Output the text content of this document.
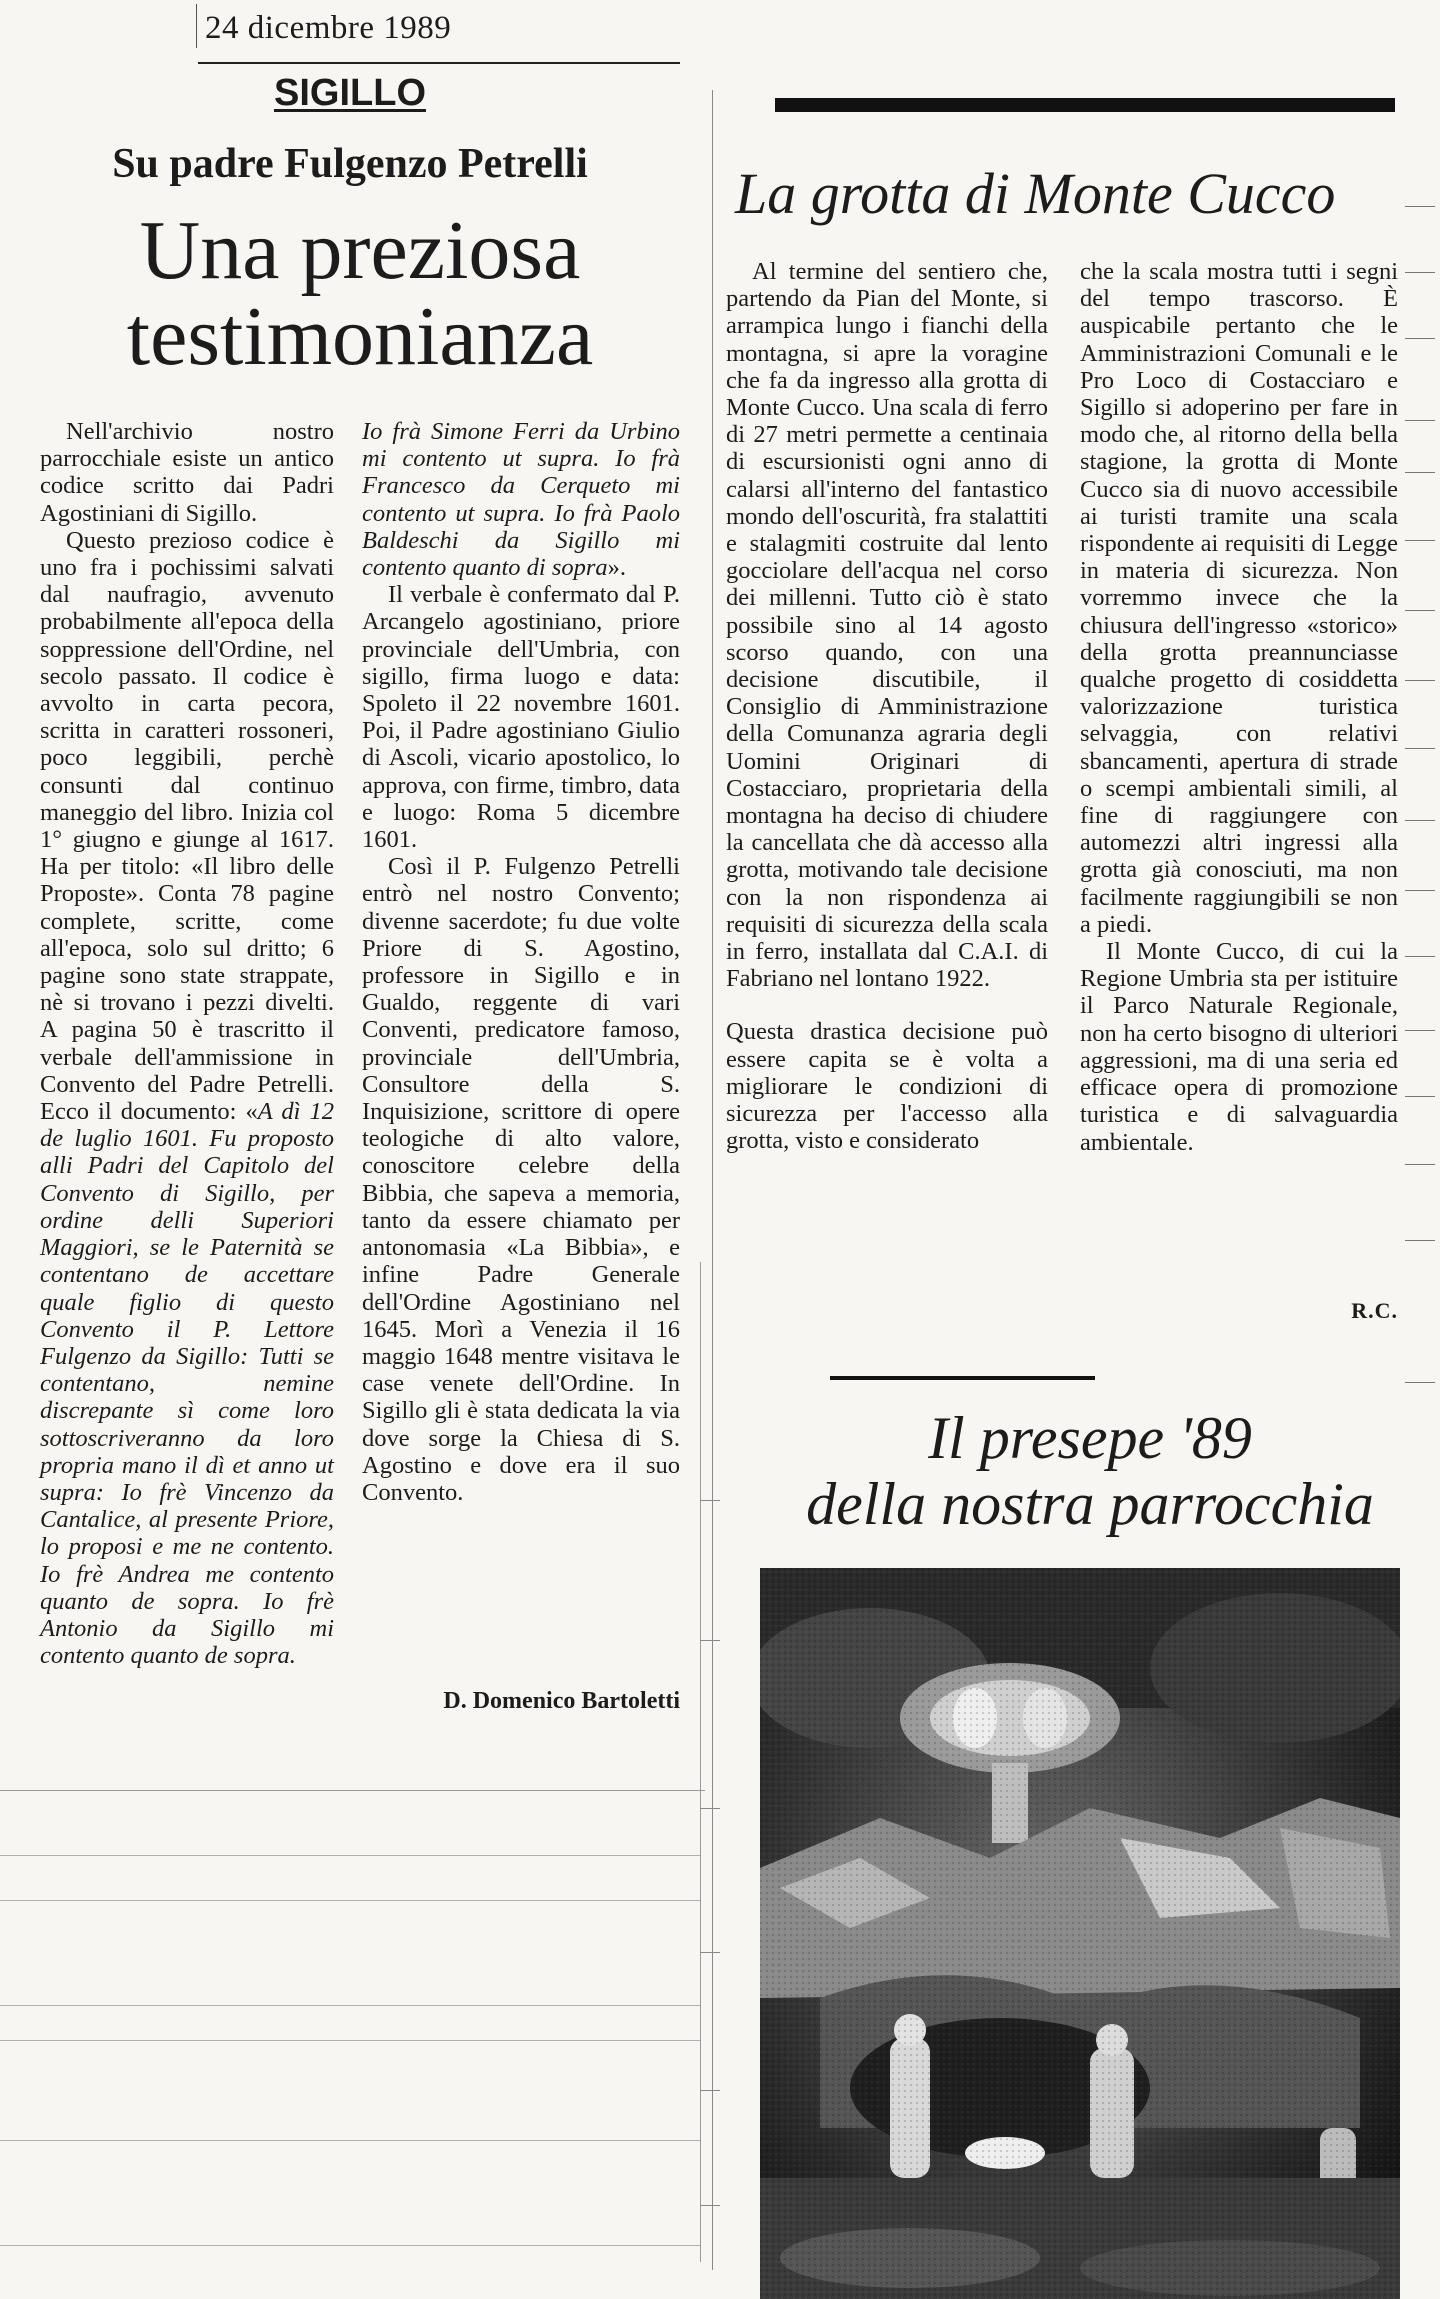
24 dicembre 1989
SIGILLO
Su padre Fulgenzo Petrelli
Una preziosa testimonianza

Nell'archivio nostro parrocchiale esiste un antico codice scritto dai Padri Agostiniani di Sigillo.

Questo prezioso codice è uno fra i pochissimi salvati dal naufragio, avvenuto probabilmente all'epoca della soppressione dell'Ordine, nel secolo passato. Il codice è avvolto in carta pecora, scritta in caratteri rossoneri, poco leggibili, perchè consunti dal continuo maneggio del libro. Inizia col 1° giugno e giunge al 1617. Ha per titolo: «Il libro delle Proposte». Conta 78 pagine complete, scritte, come all'epoca, solo sul dritto; 6 pagine sono state strappate, nè si trovano i pezzi divelti. A pagina 50 è trascritto il verbale dell'ammissione in Convento del Padre Petrelli. Ecco il documento: «A dì 12 de luglio 1601. Fu proposto alli Padri del Capitolo del Convento di Sigillo, per ordine delli Superiori Maggiori, se le Paternità se contentano de accettare quale figlio di questo Convento il P. Lettore Fulgenzo da Sigillo: Tutti se contentano, nemine discrepante sì come loro sottoscriveranno da loro propria mano il dì et anno ut supra: Io frè Vincenzo da Cantalice, al presente Priore, lo proposi e me ne contento. Io frè Andrea me contento quanto de sopra. Io frè Antonio da Sigillo mi contento quanto de sopra.

Io frà Simone Ferri da Urbino mi contento ut supra. Io frà Francesco da Cerqueto mi contento ut supra. Io frà Paolo Baldeschi da Sigillo mi contento quanto di sopra».

Il verbale è confermato dal P. Arcangelo agostiniano, priore provinciale dell'Umbria, con sigillo, firma luogo e data: Spoleto il 22 novembre 1601. Poi, il Padre agostiniano Giulio di Ascoli, vicario apostolico, lo approva, con firme, timbro, data e luogo: Roma 5 dicembre 1601.

Così il P. Fulgenzo Petrelli entrò nel nostro Convento; divenne sacerdote; fu due volte Priore di S. Agostino, professore in Sigillo e in Gualdo, reggente di vari Conventi, predicatore famoso, provinciale dell'Umbria, Consultore della S. Inquisizione, scrittore di opere teologiche di alto valore, conoscitore celebre della Bibbia, che sapeva a memoria, tanto da essere chiamato per antonomasia «La Bibbia», e infine Padre Generale dell'Ordine Agostiniano nel 1645. Morì a Venezia il 16 maggio 1648 mentre visitava le case venete dell'Ordine. In Sigillo gli è stata dedicata la via dove sorge la Chiesa di S. Agostino e dove era il suo Convento.

D. Domenico Bartoletti
La grotta di Monte Cucco

Al termine del sentiero che, partendo da Pian del Monte, si arrampica lungo i fianchi della montagna, si apre la voragine che fa da ingresso alla grotta di Monte Cucco. Una scala di ferro di 27 metri permette a centinaia di escursionisti ogni anno di calarsi all'interno del fantastico mondo dell'oscurità, fra stalattiti e stalagmiti costruite dal lento gocciolare dell'acqua nel corso dei millenni. Tutto ciò è stato possibile sino al 14 agosto scorso quando, con una decisione discutibile, il Consiglio di Amministrazione della Comunanza agraria degli Uomini Originari di Costacciaro, proprietaria della montagna ha deciso di chiudere la cancellata che dà accesso alla grotta, motivando tale decisione con la non rispondenza ai requisiti di sicurezza della scala in ferro, installata dal C.A.I. di Fabriano nel lontano 1922.

Questa drastica decisione può essere capita se è volta a migliorare le condizioni di sicurezza per l'accesso alla grotta, visto e considerato

che la scala mostra tutti i segni del tempo trascorso. È auspicabile pertanto che le Amministrazioni Comunali e le Pro Loco di Costacciaro e Sigillo si adoperino per fare in modo che, al ritorno della bella stagione, la grotta di Monte Cucco sia di nuovo accessibile ai turisti tramite una scala rispondente ai requisiti di Legge in materia di sicurezza. Non vorremmo invece che la chiusura dell'ingresso «storico» della grotta preannunciasse qualche progetto di cosiddetta valorizzazione turistica selvaggia, con relativi sbancamenti, apertura di strade o scempi ambientali simili, al fine di raggiungere con automezzi altri ingressi alla grotta già conosciuti, ma non facilmente raggiungibili se non a piedi.

Il Monte Cucco, di cui la Regione Umbria sta per istituire il Parco Naturale Regionale, non ha certo bisogno di ulteriori aggressioni, ma di una seria ed efficace opera di promozione turistica e di salvaguardia ambientale.

R.C.
Il presepe '89
della nostra parrocchia
